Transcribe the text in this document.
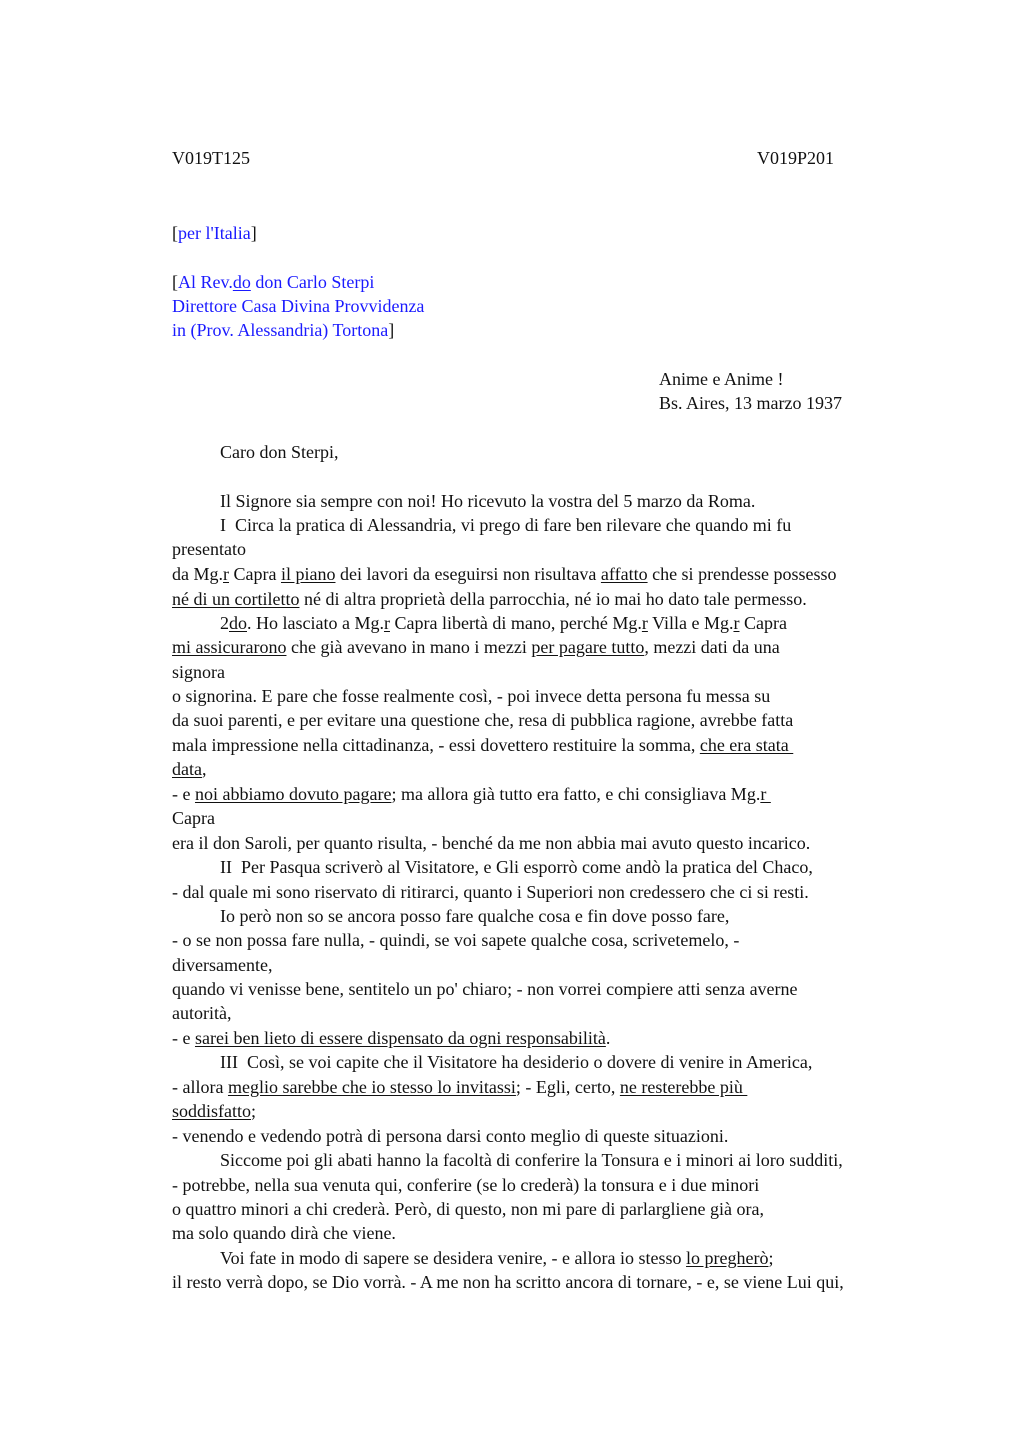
V019T125	V019P201
[per l'Italia]
[Al Rev.do don Carlo Sterpi
Direttore Casa Divina Provvidenza
in (Prov. Alessandria) Tortona]
Anime e Anime !
Bs. Aires, 13 marzo 1937
Caro don Sterpi,
Il Signore sia sempre con noi! Ho ricevuto la vostra del 5 marzo da Roma.
I  Circa la pratica di Alessandria, vi prego di fare ben rilevare che quando mi fu
presentato
da Mg.r Capra il piano dei lavori da eseguirsi non risultava affatto che si prendesse possesso
né di un cortiletto né di altra proprietà della parrocchia, né io mai ho dato tale permesso.
2do. Ho lasciato a Mg.r Capra libertà di mano, perché Mg.r Villa e Mg.r Capra
mi assicurarono che già avevano in mano i mezzi per pagare tutto, mezzi dati da una
signora
o signorina. E pare che fosse realmente così, - poi invece detta persona fu messa su
da suoi parenti, e per evitare una questione che, resa di pubblica ragione, avrebbe fatta
mala impressione nella cittadinanza, - essi dovettero restituire la somma, che era stata
data,
- e noi abbiamo dovuto pagare; ma allora già tutto era fatto, e chi consigliava Mg.r
Capra
era il don Saroli, per quanto risulta, - benché da me non abbia mai avuto questo incarico.
II  Per Pasqua scriverò al Visitatore, e Gli esporrò come andò la pratica del Chaco,
- dal quale mi sono riservato di ritirarci, quanto i Superiori non credessero che ci si resti.
Io però non so se ancora posso fare qualche cosa e fin dove posso fare,
- o se non possa fare nulla, - quindi, se voi sapete qualche cosa, scrivetemelo, -
diversamente,
quando vi venisse bene, sentitelo un po' chiaro; - non vorrei compiere atti senza averne
autorità,
- e sarei ben lieto di essere dispensato da ogni responsabilità.
III  Così, se voi capite che il Visitatore ha desiderio o dovere di venire in America,
- allora meglio sarebbe che io stesso lo invitassi; - Egli, certo, ne resterebbe più
soddisfatto;
- venendo e vedendo potrà di persona darsi conto meglio di queste situazioni.
Siccome poi gli abati hanno la facoltà di conferire la Tonsura e i minori ai loro sudditi,
- potrebbe, nella sua venuta qui, conferire (se lo crederà) la tonsura e i due minori
o quattro minori a chi crederà. Però, di questo, non mi pare di parlargliene già ora,
ma solo quando dirà che viene.
Voi fate in modo di sapere se desidera venire, - e allora io stesso lo pregherò;
il resto verrà dopo, se Dio vorrà. - A me non ha scritto ancora di tornare, - e, se viene Lui qui,
